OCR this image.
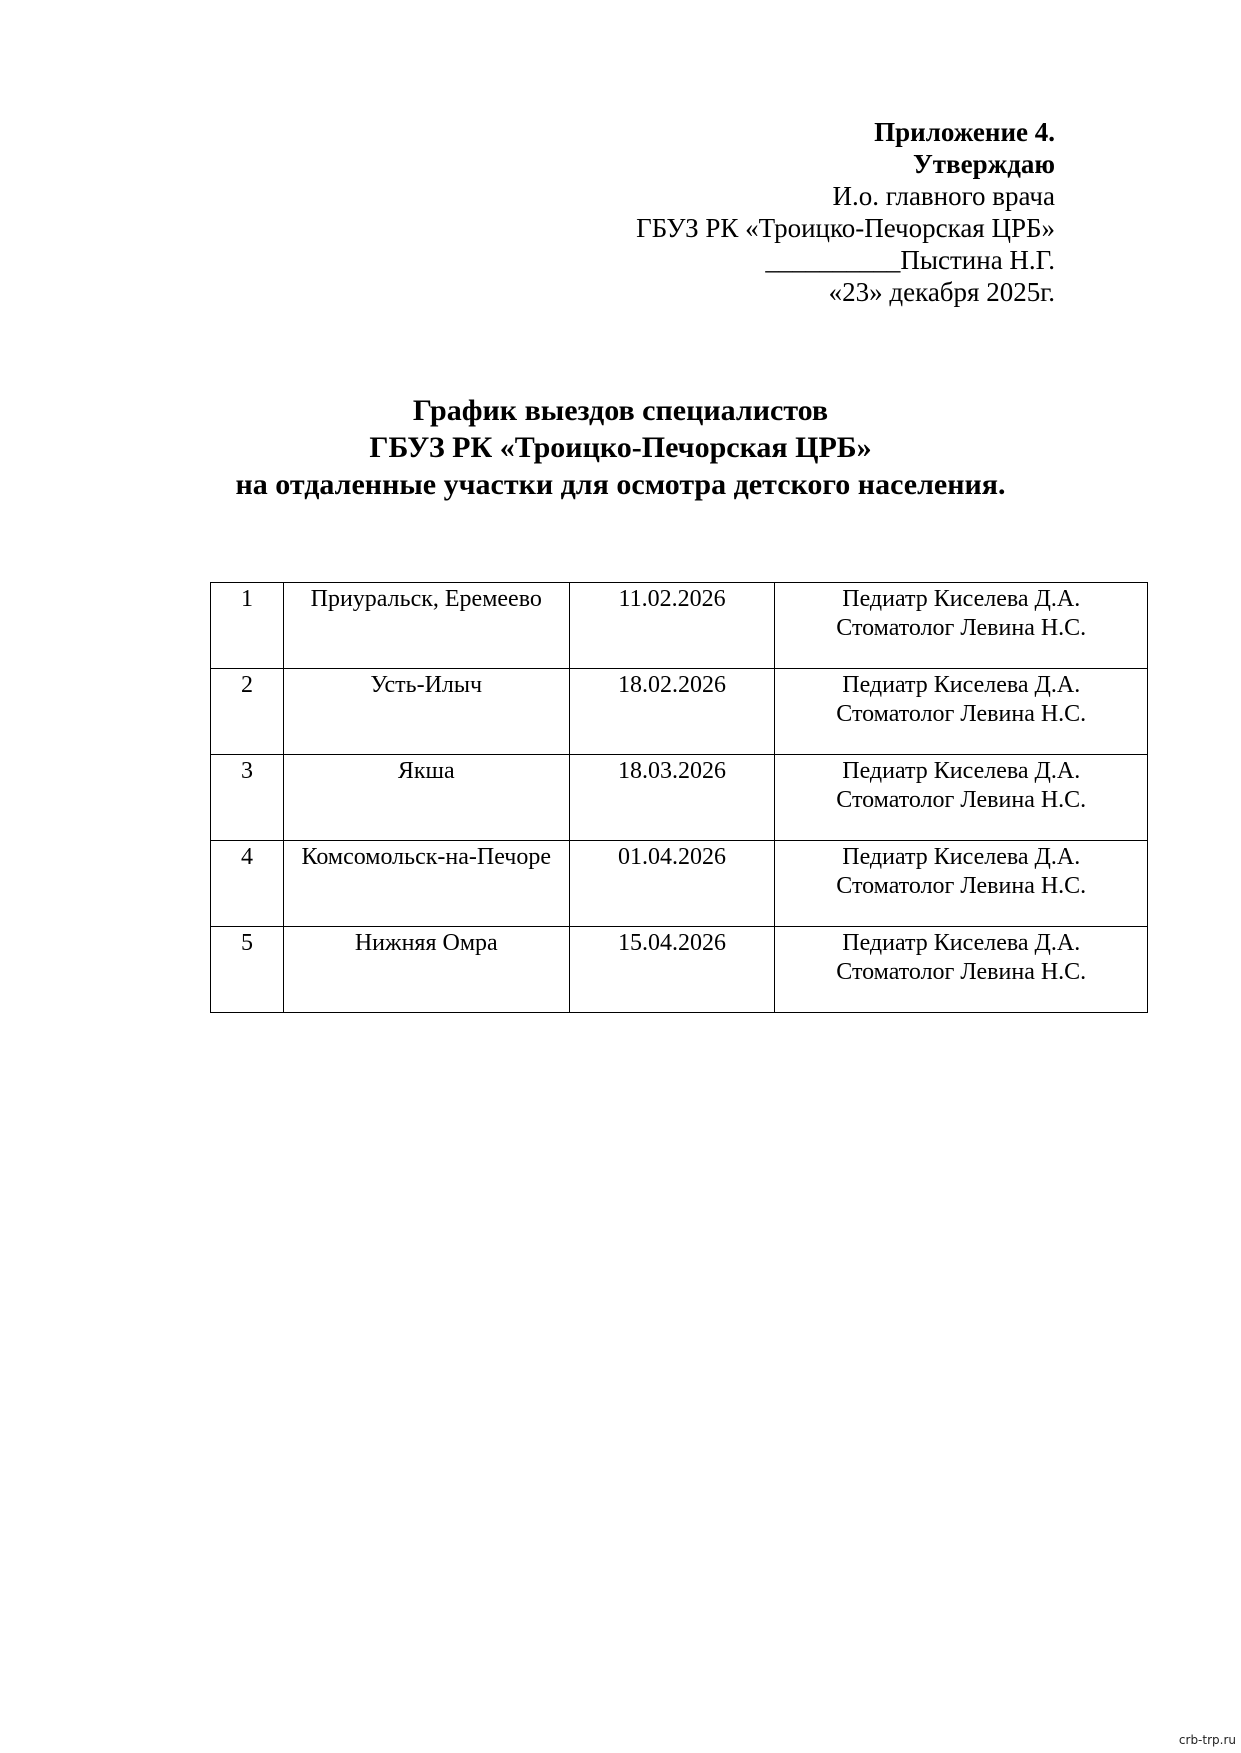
Приложение 4.
Утверждаю
И.о. главного врача
ГБУЗ РК «Троицко-Печорская ЦРБ»
__________Пыстина Н.Г.
«23» декабря 2025г.
График выездов специалистов
ГБУЗ РК «Троицко-Печорская ЦРБ»
на отдаленные участки для осмотра детского населения.
1	Приуральск, Еремеево	11.02.2026	Педиатр Киселева Д.А.
Стоматолог Левина Н.С.

2	Усть-Илыч	18.02.2026	Педиатр Киселева Д.А.
Стоматолог Левина Н.С.

3	Якша	18.03.2026	Педиатр Киселева Д.А.
Стоматолог Левина Н.С.

4	Комсомольск-на-Печоре	01.04.2026	Педиатр Киселева Д.А.
Стоматолог Левина Н.С.

5	Нижняя Омра	15.04.2026	Педиатр Киселева Д.А.
Стоматолог Левина Н.С.
crb-trp.ru
